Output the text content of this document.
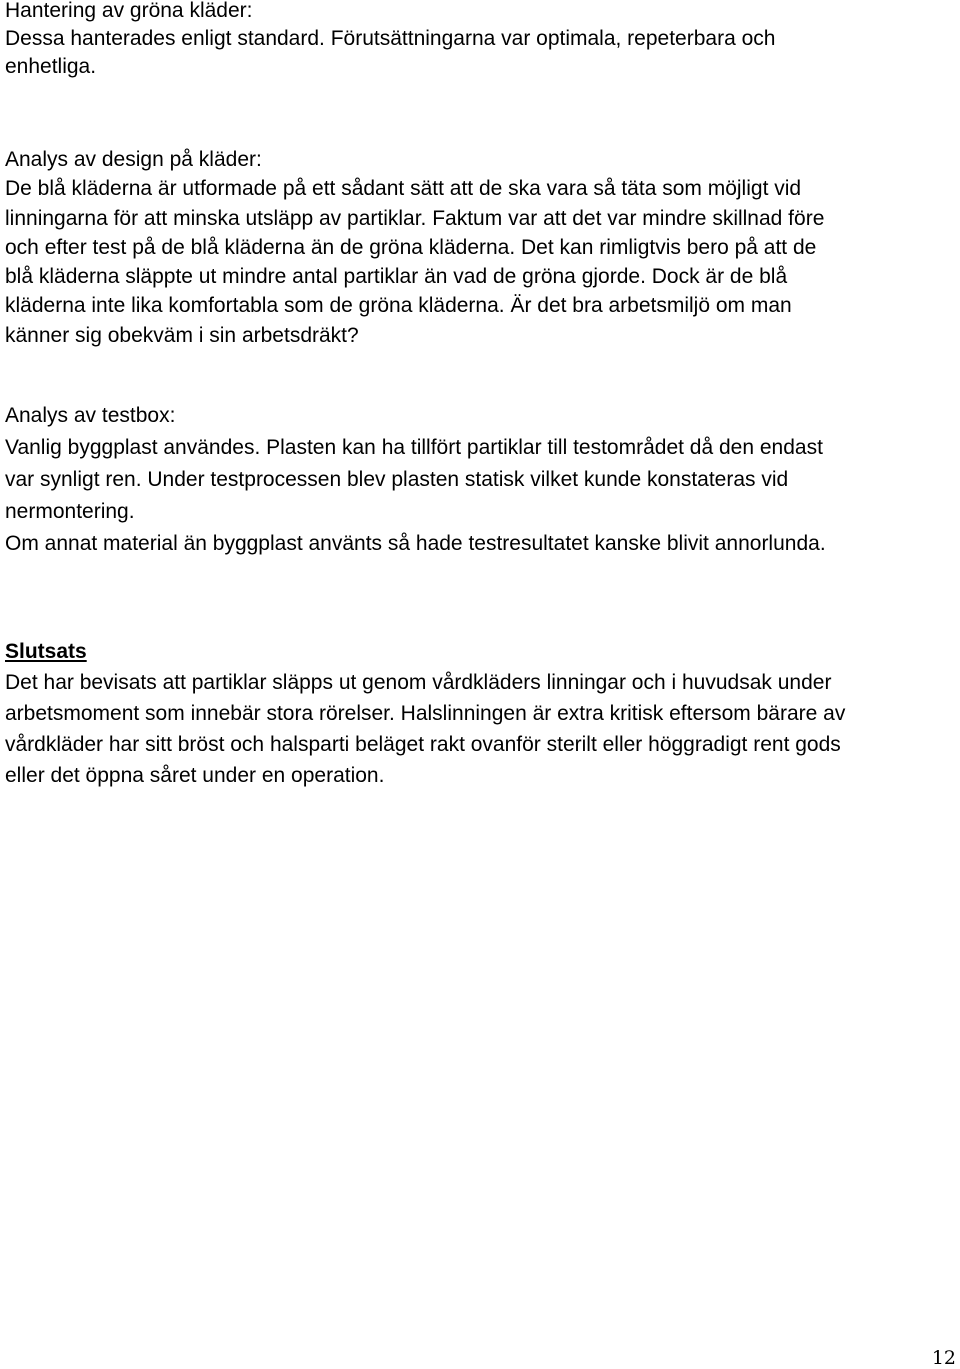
Hantering av gröna kläder:
Dessa hanterades enligt standard. Förutsättningarna var optimala, repeterbara och
enhetliga.
Analys av design på kläder:
De blå kläderna är utformade på ett sådant sätt att de ska vara så täta som möjligt vid
linningarna för att minska utsläpp av partiklar. Faktum var att det var mindre skillnad före
och efter test på de blå kläderna än de gröna kläderna. Det kan rimligtvis bero på att de
blå kläderna släppte ut mindre antal partiklar än vad de gröna gjorde. Dock är de blå
kläderna inte lika komfortabla som de gröna kläderna. Är det bra arbetsmiljö om man
känner sig obekväm i sin arbetsdräkt?
Analys av testbox:
Vanlig byggplast användes. Plasten kan ha tillfört partiklar till testområdet då den endast
var synligt ren. Under testprocessen blev plasten statisk vilket kunde konstateras vid
nermontering.
Om annat material än byggplast använts så hade testresultatet kanske blivit annorlunda.
Slutsats
Det har bevisats att partiklar släpps ut genom vårdkläders linningar och i huvudsak under
arbetsmoment som innebär stora rörelser. Halslinningen är extra kritisk eftersom bärare av
vårdkläder har sitt bröst och halsparti beläget rakt ovanför sterilt eller höggradigt rent gods
eller det öppna såret under en operation.
12
